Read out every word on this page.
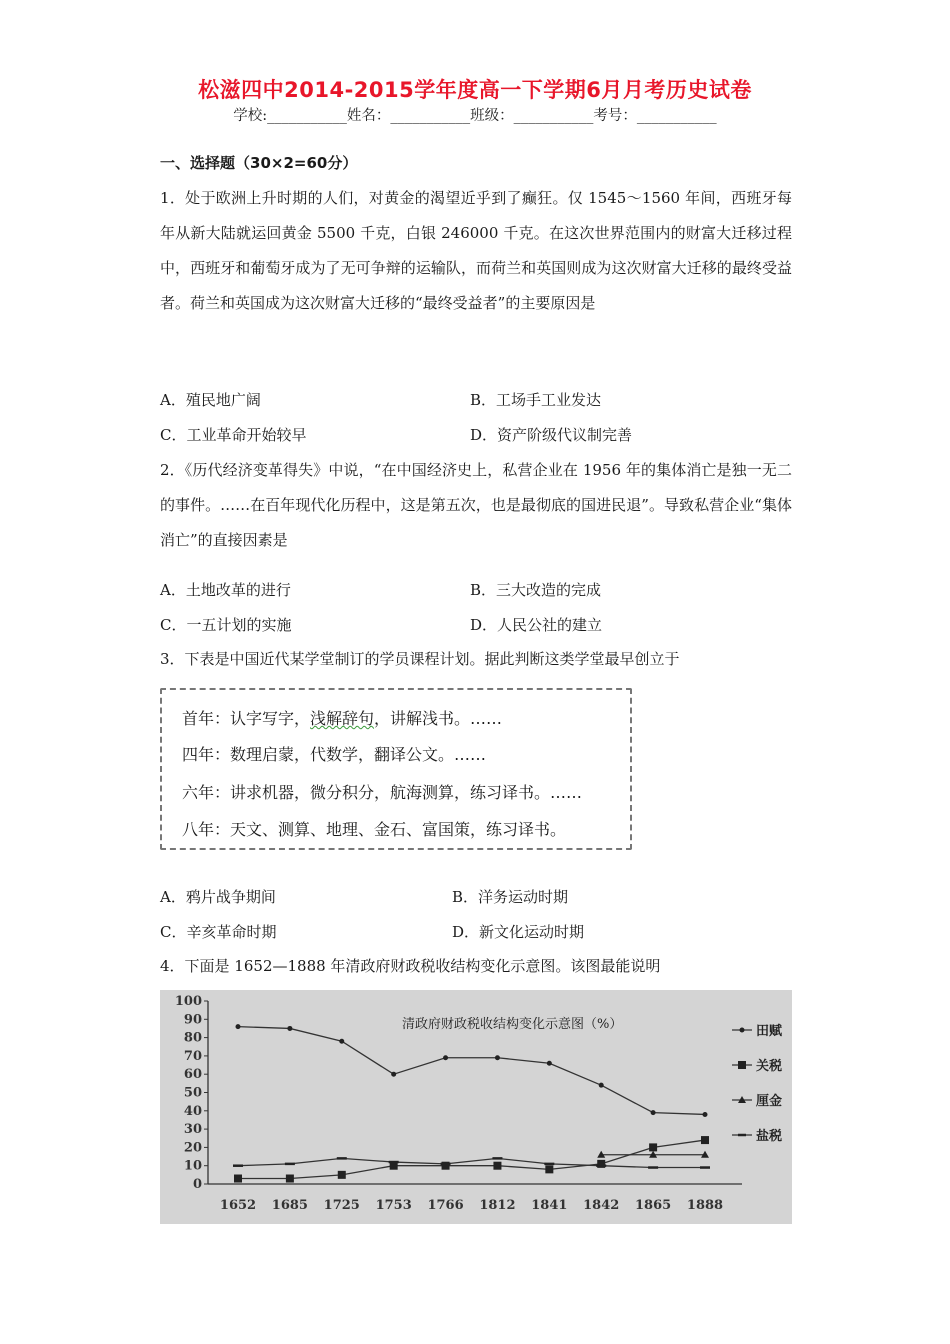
松滋四中2014-2015学年度高一下学期6月月考历史试卷
学校:___________姓名：___________班级：___________考号：___________
一、选择题（30×2=60分）
1．处于欧洲上升时期的人们，对黄金的渴望近乎到了癫狂。仅 1545～1560 年间，西班牙每年从新大陆就运回黄金 5500 千克，白银 246000 千克。在这次世界范围内的财富大迁移过程中，西班牙和葡萄牙成为了无可争辩的运输队，而荷兰和英国则成为这次财富大迁移的最终受益者。荷兰和英国成为这次财富大迁移的“最终受益者”的主要原因是
A．殖民地广阔	B．工场手工业发达
C．工业革命开始较早	D．资产阶级代议制完善
2．《历代经济变革得失》中说，“在中国经济史上，私营企业在 1956 年的集体消亡是独一无二的事件。……在百年现代化历程中，这是第五次，也是最彻底的国进民退”。导致私营企业“集体消亡”的直接因素是
A．土地改革的进行	B．三大改造的完成
C．一五计划的实施	D．人民公社的建立
3．下表是中国近代某学堂制订的学员课程计划。据此判断这类学堂最早创立于
首年：认字写字，浅解辞句，讲解浅书。……
四年：数理启蒙，代数学，翻译公文。……
六年：讲求机器，微分积分，航海测算，练习译书。……
八年：天文、测算、地理、金石、富国策，练习译书。
A．鸦片战争期间	B．洋务运动时期
C．辛亥革命时期	D．新文化运动时期
4．下面是 1652—1888 年清政府财政税收结构变化示意图。该图最能说明
清政府财政税收结构变化示意图（%）
0
10
20
30
40
50
60
70
80
90
100
1652 1685 1725 1753 1766 1812 1841 1842 1865 1888
田赋
关税
厘金
盐税
